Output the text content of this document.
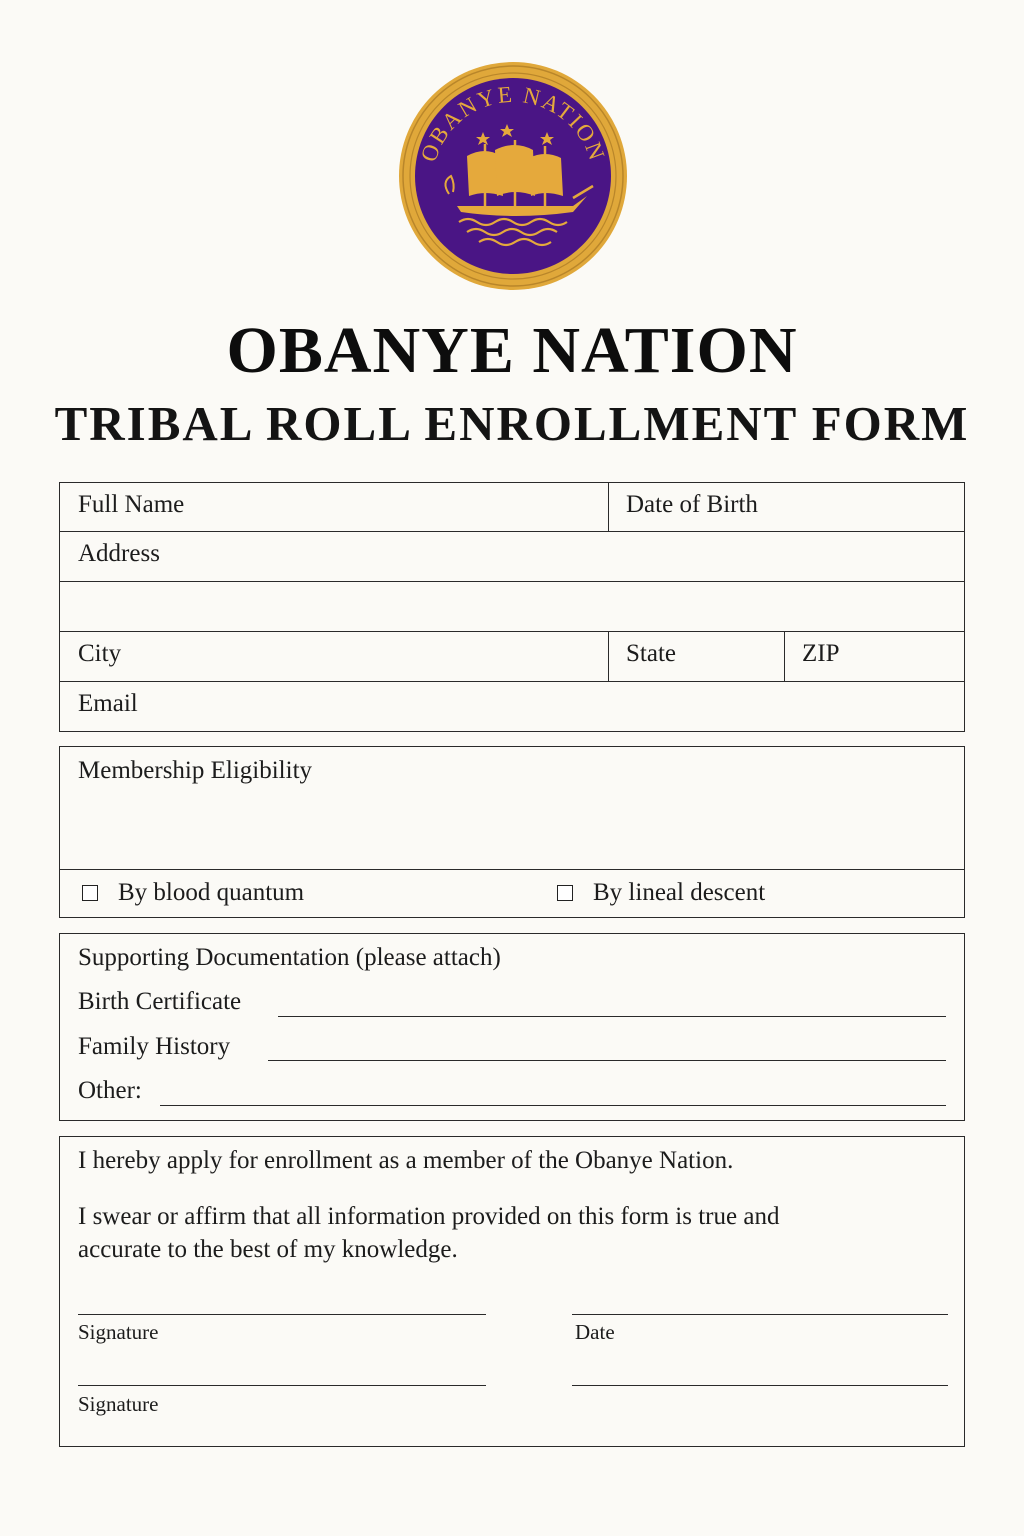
OBANYE NATION
OBANYE NATION
TRIBAL ROLL ENROLLMENT FORM
Full Name	Date of Birth
Address
City	State	ZIP
Email
Membership Eligibility
By blood quantum	By lineal descent
Supporting Documentation (please attach)
Birth Certificate
Family History
Other:
I hereby apply for enrollment as a member of the Obanye Nation.
I swear or affirm that all information provided on this form is true and
accurate to the best of my knowledge.
Signature	Date
Signature
